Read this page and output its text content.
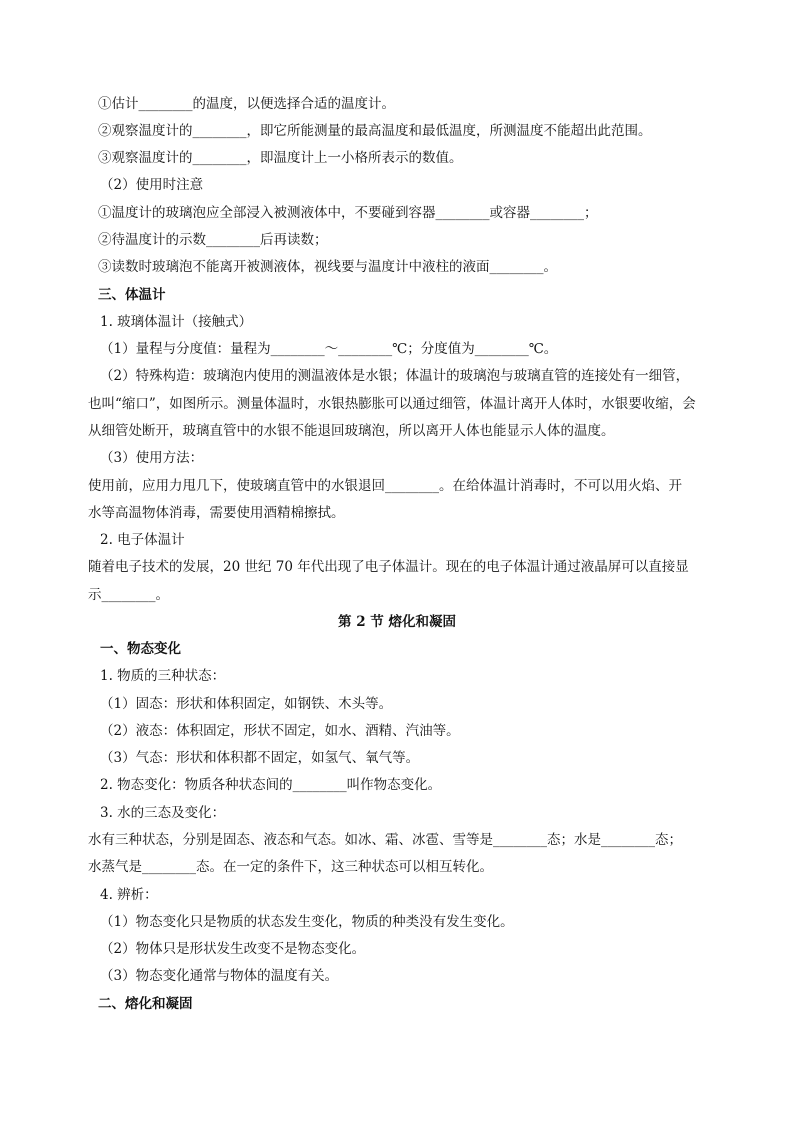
①估计________的温度，以便选择合适的温度计。
②观察温度计的________，即它所能测量的最高温度和最低温度，所测温度不能超出此范围。
③观察温度计的________，即温度计上一小格所表示的数值。
（2）使用时注意
①温度计的玻璃泡应全部浸入被测液体中，不要碰到容器________或容器________；
②待温度计的示数________后再读数；
③读数时玻璃泡不能离开被测液体，视线要与温度计中液柱的液面________。
三、体温计
1. 玻璃体温计（接触式）
（1）量程与分度值：量程为________～________℃；分度值为________℃。
（2）特殊构造：玻璃泡内使用的测温液体是水银；体温计的玻璃泡与玻璃直管的连接处有一细管，
也叫“缩口”，如图所示。测量体温时，水银热膨胀可以通过细管，体温计离开人体时，水银要收缩，会
从细管处断开，玻璃直管中的水银不能退回玻璃泡，所以离开人体也能显示人体的温度。
（3）使用方法：
使用前，应用力甩几下，使玻璃直管中的水银退回________。在给体温计消毒时，不可以用火焰、开
水等高温物体消毒，需要使用酒精棉擦拭。
2. 电子体温计
随着电子技术的发展，20 世纪 70 年代出现了电子体温计。现在的电子体温计通过液晶屏可以直接显
示________。
第 2 节 熔化和凝固
一、物态变化
1. 物质的三种状态：
（1）固态：形状和体积固定，如钢铁、木头等。
（2）液态：体积固定，形状不固定，如水、酒精、汽油等。
（3）气态：形状和体积都不固定，如氢气、氧气等。
2. 物态变化：物质各种状态间的________叫作物态变化。
3. 水的三态及变化：
水有三种状态，分别是固态、液态和气态。如冰、霜、冰雹、雪等是________态；水是________态；
水蒸气是________态。在一定的条件下，这三种状态可以相互转化。
4. 辨析：
（1）物态变化只是物质的状态发生变化，物质的种类没有发生变化。
（2）物体只是形状发生改变不是物态变化。
（3）物态变化通常与物体的温度有关。
二、熔化和凝固
